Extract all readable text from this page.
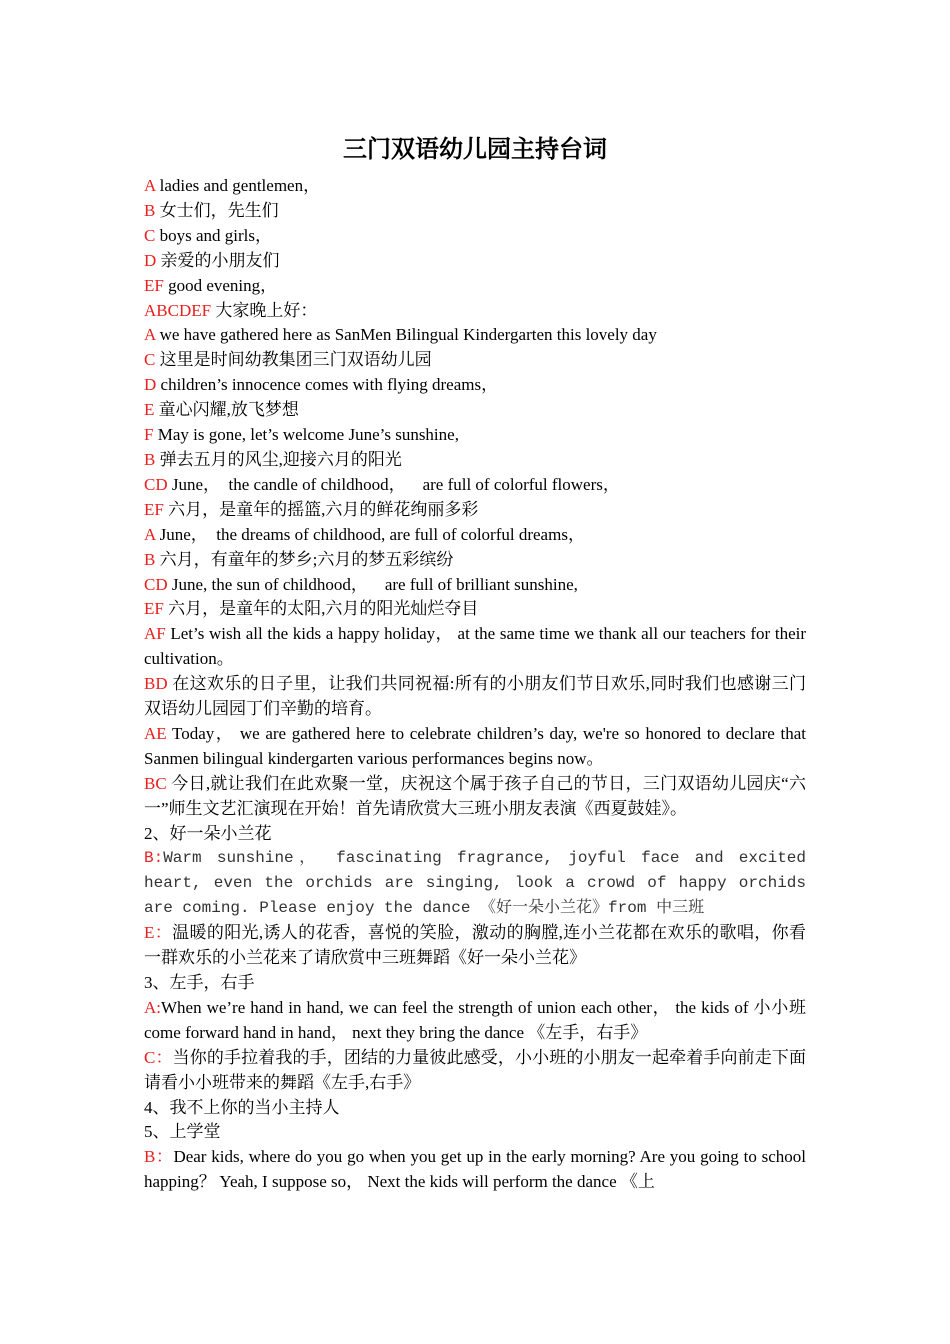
三门双语幼儿园主持台词

A ladies and gentlemen，

B 女士们，先生们

C boys and girls，

D 亲爱的小朋友们

EF good evening，

ABCDEF 大家晚上好：

A we have gathered here as SanMen Bilingual Kindergarten this lovely day

C 这里是时间幼教集团三门双语幼儿园

D children’s innocence comes with flying dreams，

E 童心闪耀,放飞梦想

F May is gone, let’s welcome June’s sunshine,

B 弹去五月的风尘,迎接六月的阳光

CD June，  the candle of childhood，    are full of colorful flowers，

EF 六月，是童年的摇篮,六月的鲜花绚丽多彩

A June，  the dreams of childhood, are full of colorful dreams，

B 六月，有童年的梦乡;六月的梦五彩缤纷

CD June, the sun of childhood，    are full of brilliant sunshine,

EF 六月，是童年的太阳,六月的阳光灿烂夺目

AF Let’s wish all the kids a happy holiday， at the same time we thank all our teachers for their cultivation。

BD 在这欢乐的日子里，让我们共同祝福:所有的小朋友们节日欢乐,同时我们也感谢三门双语幼儿园园丁们辛勤的培育。

AE Today， we are gathered here to celebrate children’s day, we're so honored to declare that Sanmen bilingual kindergarten various performances begins now。

BC 今日,就让我们在此欢聚一堂，庆祝这个属于孩子自己的节日，三门双语幼儿园庆“六一”师生文艺汇演现在开始！首先请欣赏大三班小朋友表演《西夏鼓娃》。

2、好一朵小兰花

B:Warm sunshine， fascinating fragrance, joyful face and excited heart, even the orchids are singing, look a crowd of happy orchids are coming. Please enjoy the dance 《好一朵小兰花》from 中三班

E：温暖的阳光,诱人的花香，喜悦的笑脸，激动的胸膛,连小兰花都在欢乐的歌唱，你看一群欢乐的小兰花来了请欣赏中三班舞蹈《好一朵小兰花》

3、左手，右手

A:When we’re hand in hand, we can feel the strength of union each other， the kids of 小小班 come forward hand in hand， next they bring the dance 《左手，右手》

C：当你的手拉着我的手，团结的力量彼此感受，小小班的小朋友一起牵着手向前走下面请看小小班带来的舞蹈《左手,右手》

4、我不上你的当小主持人

5、上学堂

B：Dear kids, where do you go when you get up in the early morning? Are you going to school happing？ Yeah, I suppose so， Next the kids will perform the dance 《上
